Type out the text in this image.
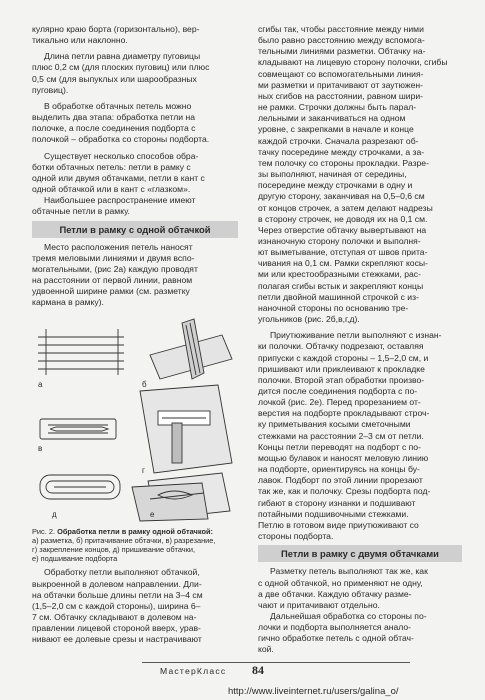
кулярно краю борта (горизонтально), вер-
тикально или наклонно.

Длина петли равна диаметру пуговицы
плюс 0,2 см (для плоских пуговиц) или плюс
0,5 см (для выпуклых или шарообразных
пуговиц).

В обработке обтачных петель можно
выделить два этапа: обработка петли на
полочке, а после соединения подборта с
полочкой – обработка со стороны подборта.

Существует несколько способов обра-
ботки обтачных петель: петли в рамку с
одной или двумя обтачками, петли в кант с
одной обтачкой или в кант с «глазком».

Наибольшее распространение имеют
обтачные петли в рамку.

Петли в рамку с одной обтачкой

Место расположения петель наносят
тремя меловыми линиями и двумя вспо-
могательными, (рис 2а) каждую проводят
на расстоянии от первой линии, равном
удвоенной ширине рамки (см. разметку
кармана в рамку).

а	б
в
г
д	е
Рис. 2. Обработка петли в рамку одной обтачкой:
а) разметка, б) притачивание обтачки, в) разрезание,
г) закрепление концов, д) пришивание обтачки,
е) подшивание подборта

Обработку петли выполняют обтачкой,
выкроенной в долевом направлении. Дли-
на обтачки больше длины петли на 3–4 см
(1,5–2,0 см с каждой стороны), ширина 6–
7 см. Обтачку складывают в долевом на-
правлении лицевой стороной вверх, урав-
нивают ее долевые срезы и настрачивают

сгибы так, чтобы расстояние между ними
было равно расстоянию между вспомога-
тельными линиями разметки. Обтачку на-
кладывают на лицевую сторону полочки, сгибы
совмещают со вспомогательными линия-
ми разметки и притачивают от заутюжен-
ных сгибов на расстоянии, равном шири-
не рамки. Строчки должны быть парал-
лельными и заканчиваться на одном
уровне, с закрепками в начале и конце
каждой строчки. Сначала разрезают об-
тачку посередине между строчками, а за-
тем полочку со стороны прокладки. Разре-
зы выполняют, начиная от середины,
посередине между строчками в одну и
другую сторону, заканчивая на 0,5–0,6 см
от концов строчек, а затем делают надрезы
в сторону строчек, не доводя их на 0,1 см.
Через отверстие обтачку вывертывают на
изнаночную сторону полочки и выполня-
ют выметывание, отступая от швов прита-
чивания на 0,1 см. Рамки скрепляют косы-
ми или крестообразными стежками, рас-
полагая сгибы встык и закрепляют концы
петли двойной машинной строчкой с из-
наночной стороны по основанию тре-
угольников (рис. 2б,в,г,д).

Приутюживание петли выполняют с изнан-
ки полочки. Обтачку подрезают, оставляя
припуски с каждой стороны – 1,5–2,0 см, и
пришивают или приклеивают к прокладке
полочки. Второй этап обработки произво-
дится после соединения подборта с по-
лочкой (рис. 2е). Перед прорезанием от-
верстия на подборте прокладывают строч-
ку приметывания косыми сметочными
стежками на расстоянии 2–3 см от петли.
Концы петли переводят на подборт с по-
мощью булавок и наносят меловую линию
на подборте, ориентируясь на концы бу-
лавок. Подборт по этой линии прорезают
так же, как и полочку. Срезы подборта под-
гибают в сторону изнанки и подшивают
потайными подшивочными стежками.
Петлю в готовом виде приутюживают со
стороны подборта.

Петли в рамку с двумя обтачками

Разметку петель выполняют так же, как
с одной обтачкой, но применяют не одну,
а две обтачки. Каждую обтачку разме-
чают и притачивают отдельно.

Дальнейшая обработка со стороны по-
лочки и подборта выполняется анало-
гично обработке петель с одной обтач-
кой.

МастерКласс 84
http://www.liveinternet.ru/users/galina_o/
